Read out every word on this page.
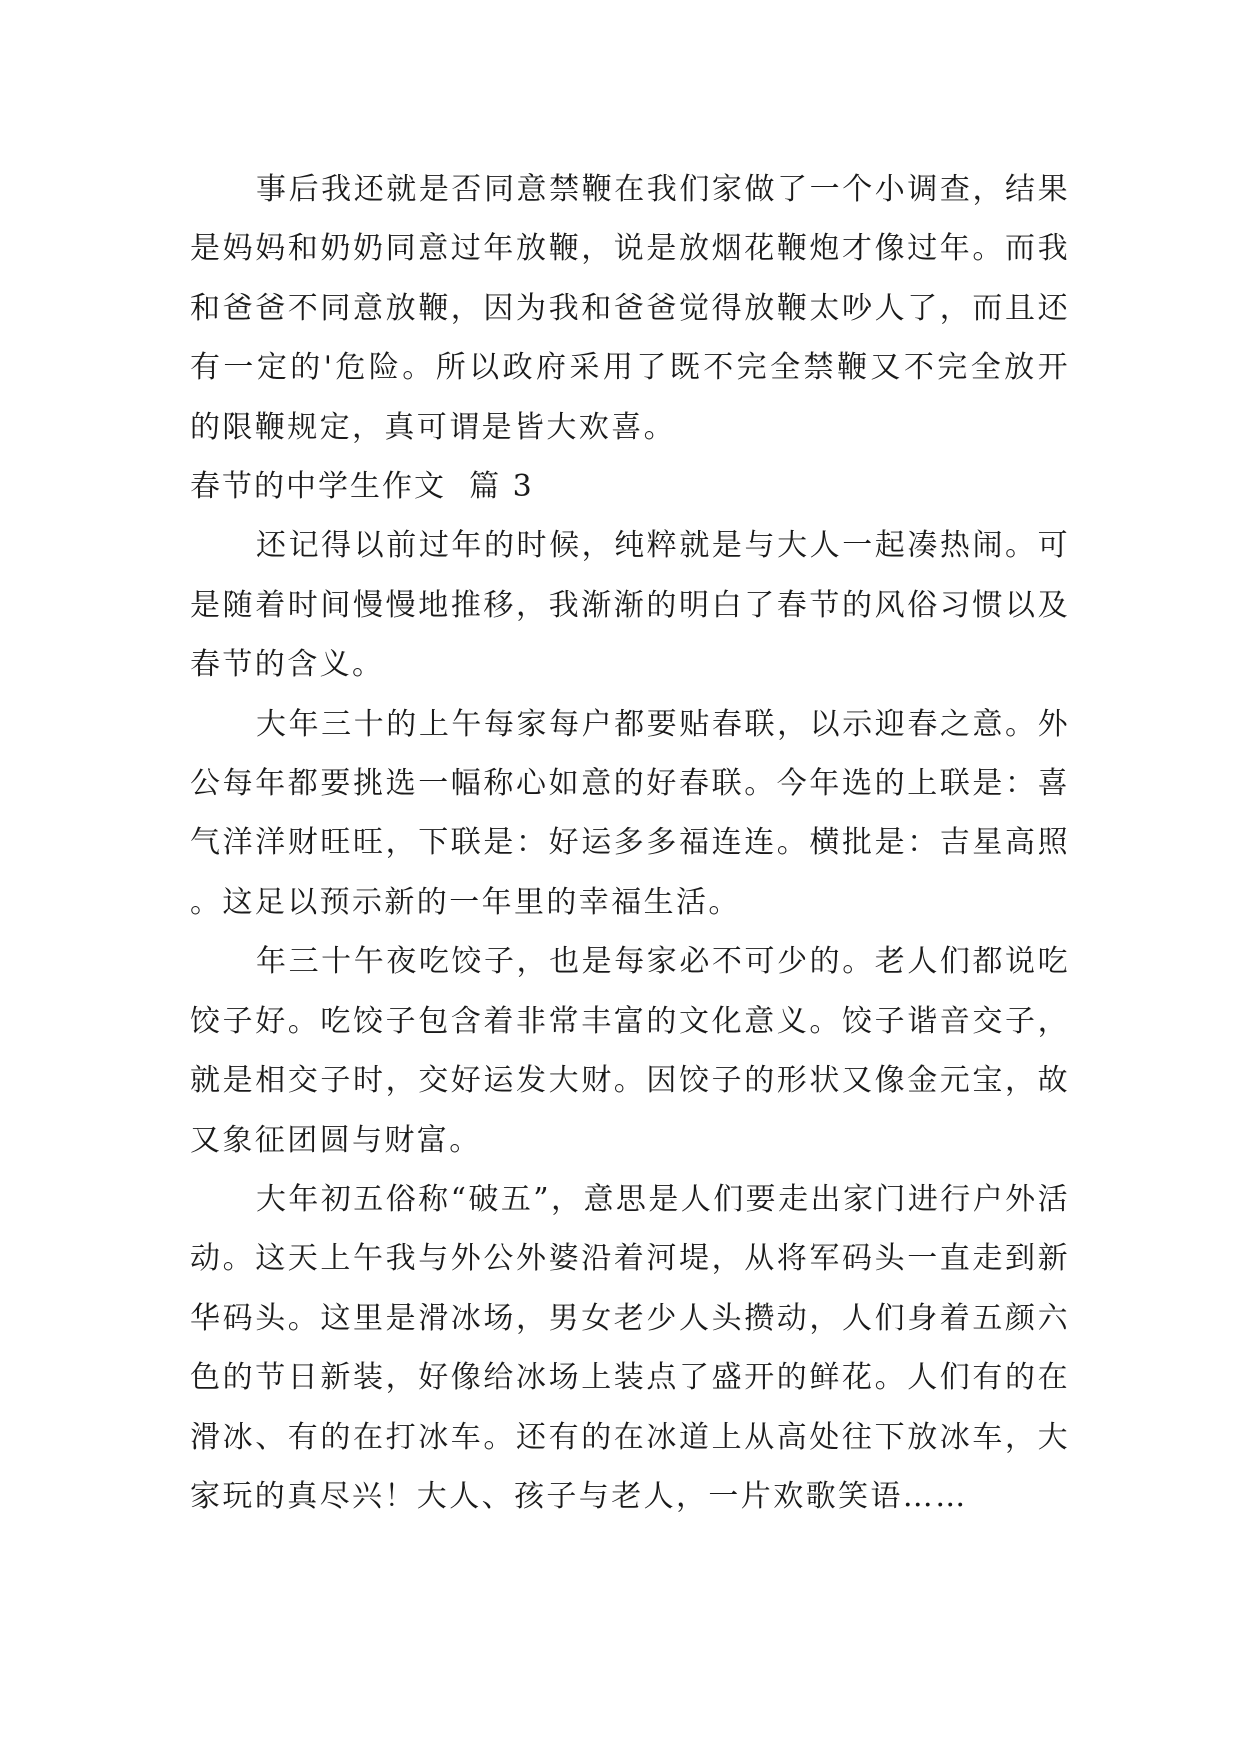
事后我还就是否同意禁鞭在我们家做了一个小调查，结果是妈妈和奶奶同意过年放鞭，说是放烟花鞭炮才像过年。而我和爸爸不同意放鞭，因为我和爸爸觉得放鞭太吵人了，而且还有一定的'危险。所以政府采用了既不完全禁鞭又不完全放开的限鞭规定，真可谓是皆大欢喜。

春节的中学生作文  篇 3

还记得以前过年的时候，纯粹就是与大人一起凑热闹。可是随着时间慢慢地推移，我渐渐的明白了春节的风俗习惯以及春节的含义。

大年三十的上午每家每户都要贴春联，以示迎春之意。外公每年都要挑选一幅称心如意的好春联。今年选的上联是：喜气洋洋财旺旺，下联是：好运多多福连连。横批是：吉星高照。这足以预示新的一年里的幸福生活。

年三十午夜吃饺子，也是每家必不可少的。老人们都说吃饺子好。吃饺子包含着非常丰富的文化意义。饺子谐音交子，就是相交子时，交好运发大财。因饺子的形状又像金元宝，故又象征团圆与财富。

大年初五俗称“破五”，意思是人们要走出家门进行户外活动。这天上午我与外公外婆沿着河堤，从将军码头一直走到新华码头。这里是滑冰场，男女老少人头攒动，人们身着五颜六色的节日新装，好像给冰场上装点了盛开的鲜花。人们有的在滑冰、有的在打冰车。还有的在冰道上从高处往下放冰车，大家玩的真尽兴！大人、孩子与老人，一片欢歌笑语……
